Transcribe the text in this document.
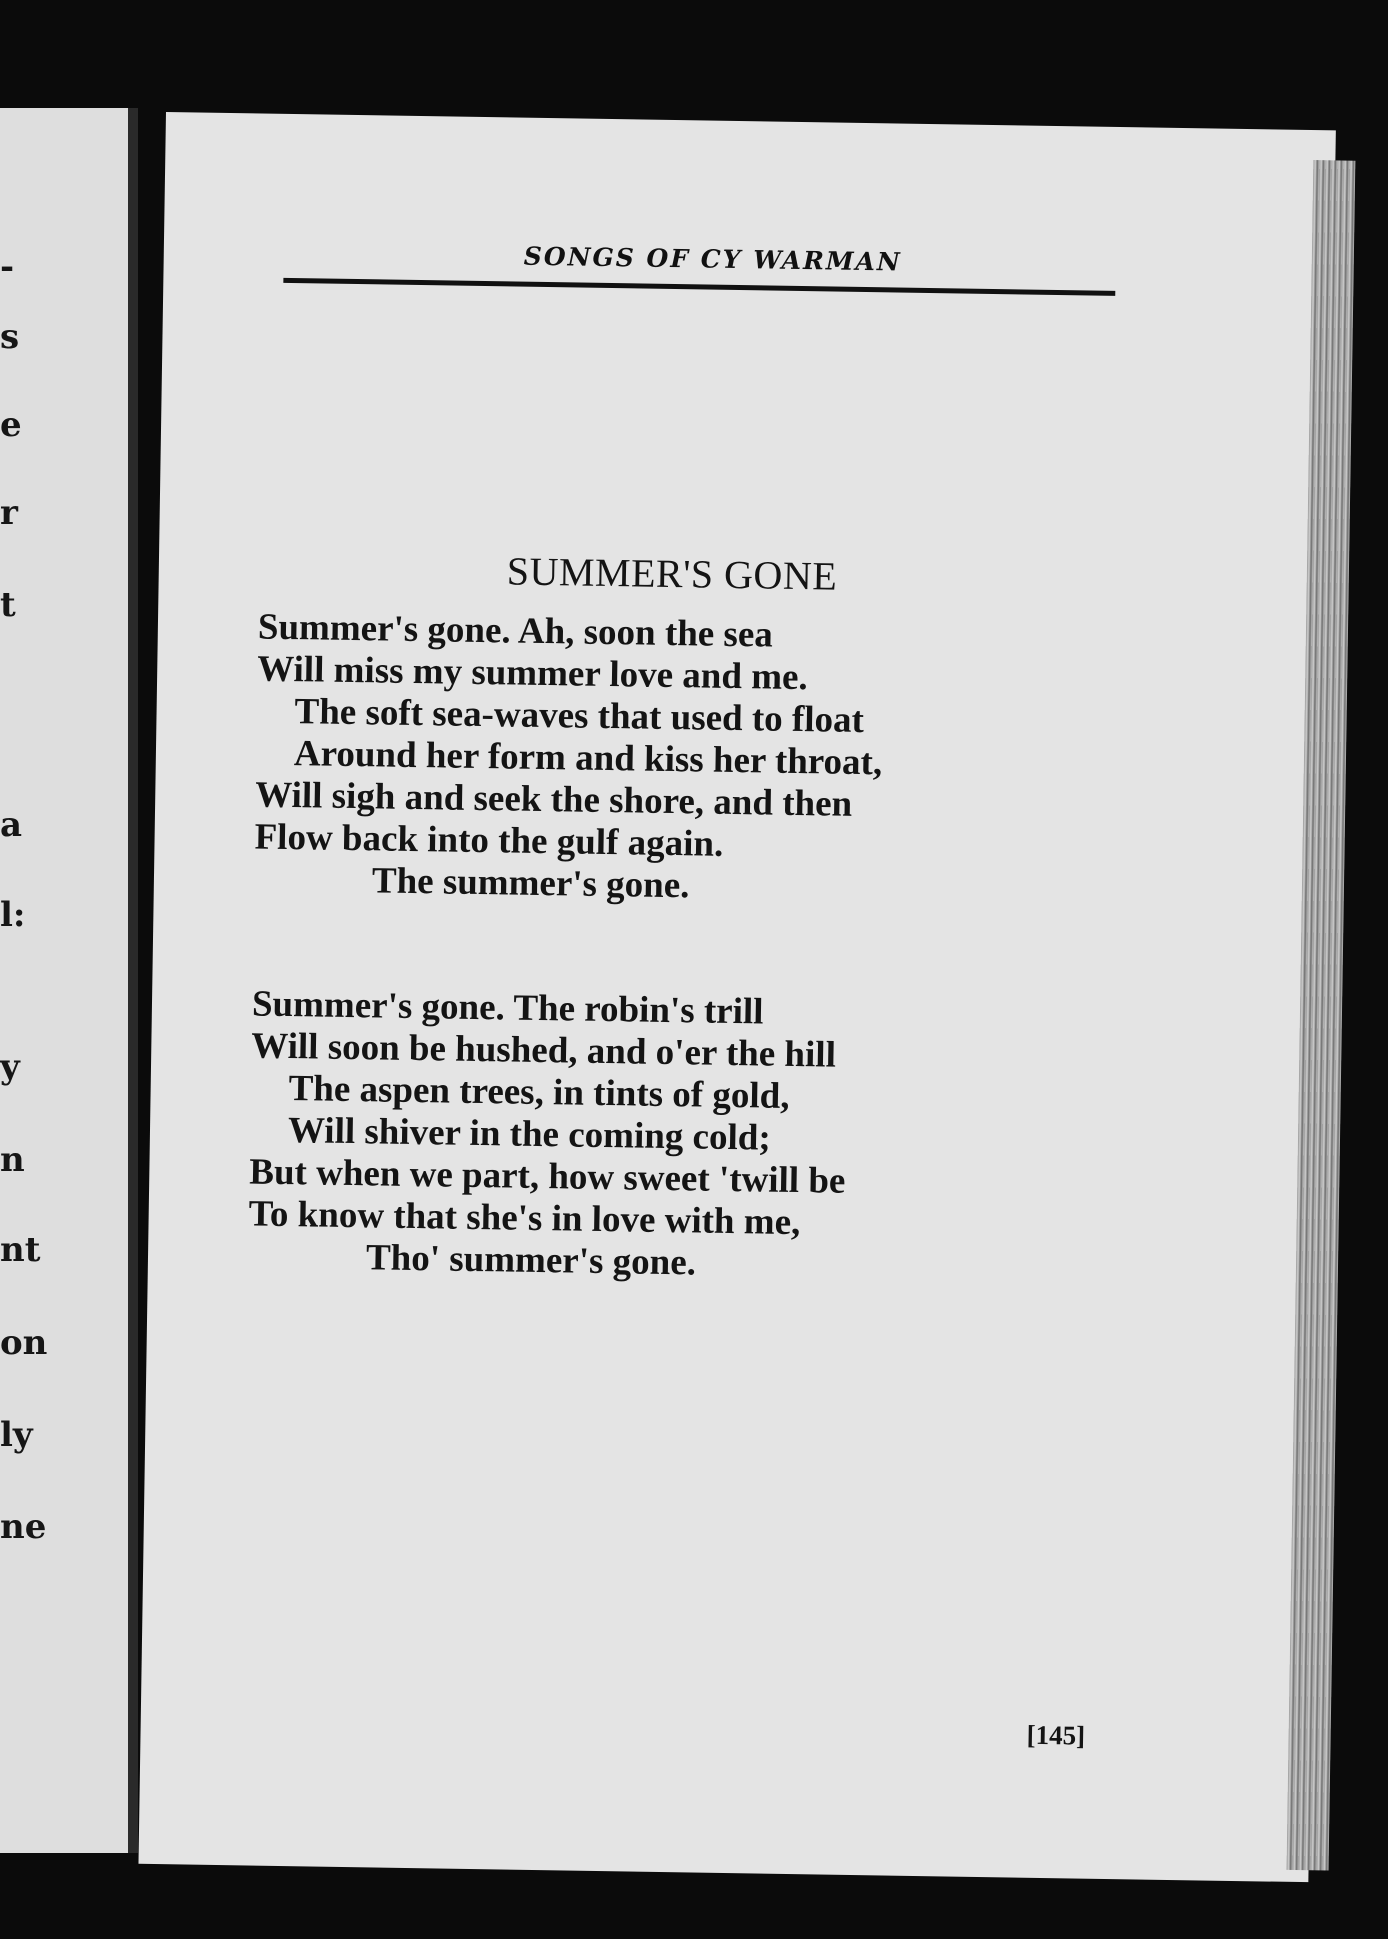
-
s
e
r
t
a
l:
y
n
nt
on
ly
ne
SONGS OF CY WARMAN
SUMMER'S GONE
Summer's gone. Ah, soon the sea
Will miss my summer love and me.
The soft sea-waves that used to float
Around her form and kiss her throat,
Will sigh and seek the shore, and then
Flow back into the gulf again.
The summer's gone.
Summer's gone. The robin's trill
Will soon be hushed, and o'er the hill
The aspen trees, in tints of gold,
Will shiver in the coming cold;
But when we part, how sweet 'twill be
To know that she's in love with me,
Tho' summer's gone.
[145]
